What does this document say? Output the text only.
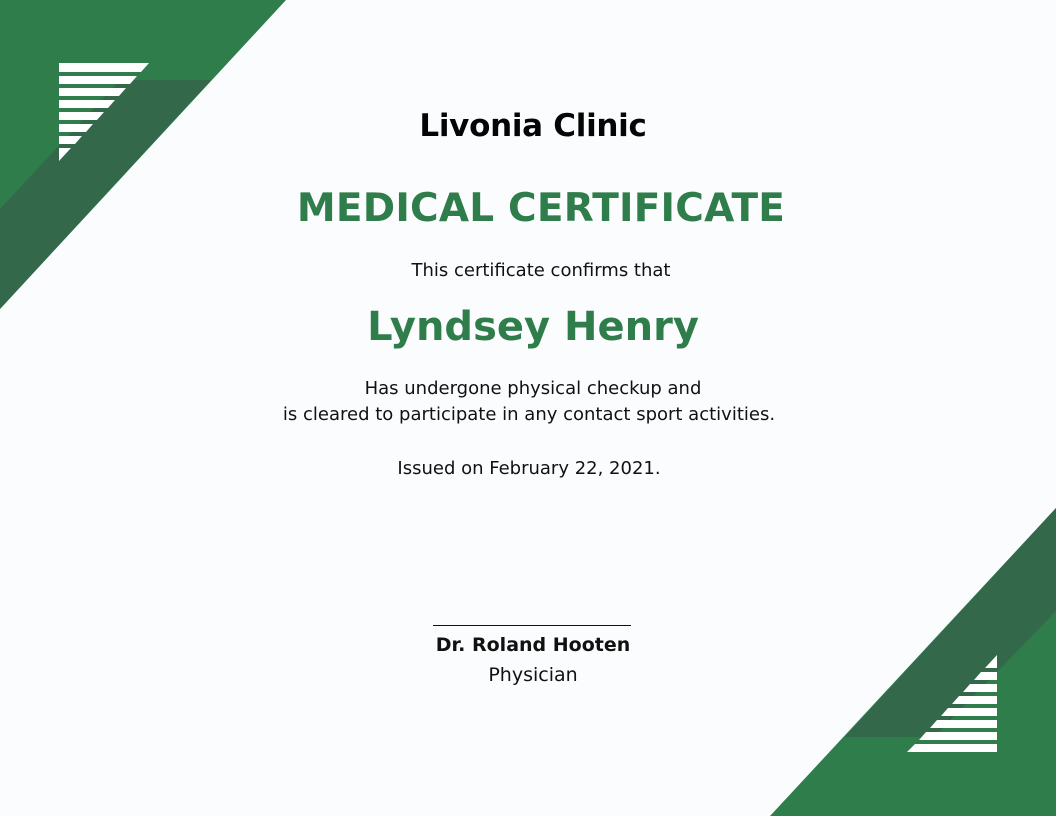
Livonia Clinic
MEDICAL CERTIFICATE
This certificate confirms that
Lyndsey Henry
Has undergone physical checkup and
is cleared to participate in any contact sport activities.
Issued on February 22, 2021.
Dr. Roland Hooten
Physician
